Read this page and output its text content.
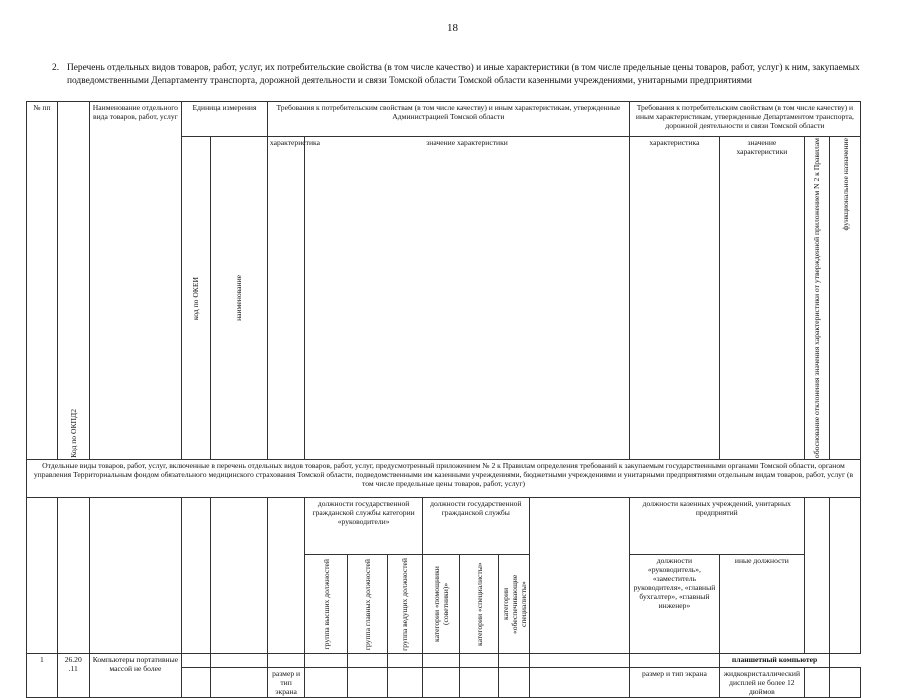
18
2. Перечень отдельных видов товаров, работ, услуг, их потребительские свойства (в том числе качество) и иные характеристики (в том числе предельные цены товаров, работ, услуг) к ним, закупаемых подведомственными Департаменту транспорта, дорожной деятельности и связи Томской области Томской области казенными учреждениями, унитарными предприятиями
№ пп	Код по ОКПД2	Наименование отдельного вида товаров, работ, услуг	Единица измерения		Требования к потребительским свойствам (в том числе качеству) и иным характеристикам, утвержденные Администрацией Томской области								Требования к потребительским свойствам (в том числе качеству) и иным характеристикам, утвержденные Департаментом транспорта, дорожной деятельности и связи Томской области			

			код по ОКЕИ	наименование	характеристика	значение характеристики							характеристика	значение характеристики	обоснование отклонения значения характеристики от утвержденной приложением N 2 к Правилам	функциональное назначение

Отдельные виды товаров, работ, услуг, включенные в перечень отдельных видов товаров, работ, услуг, предусмотренный приложением № 2 к Правилам определения требований к закупаемым государственными органами Томской области, органом управления Территориальным фондом обязательного медицинского страхования Томской области, подведомственными им казенными учреждениями, бюджетными учреждениями и унитарными предприятиями отдельным видам товаров, работ, услуг (в том числе предельные цены товаров, работ, услуг)																
						должности государственной гражданской службы категории «руководители»			должности государственной гражданской службы				должности казенных учреждений, унитарных предприятий			

						группа высших должностей	группа главных должностей	группа ведущих должностей	категории «помощники (советники)»	категории «специалисты»	категории «обеспечивающие специалисты»		должности «руководитель», «заместитель руководителя», «главный бухгалтер», «главный инженер»	иные должности		
1	26.20 .11	Компьютеры портативные массой не более												планшетный компьютер		
					размер и тип экрана								размер и тип экрана	жидкокристаллический дисплей не более 12 дюймов		
